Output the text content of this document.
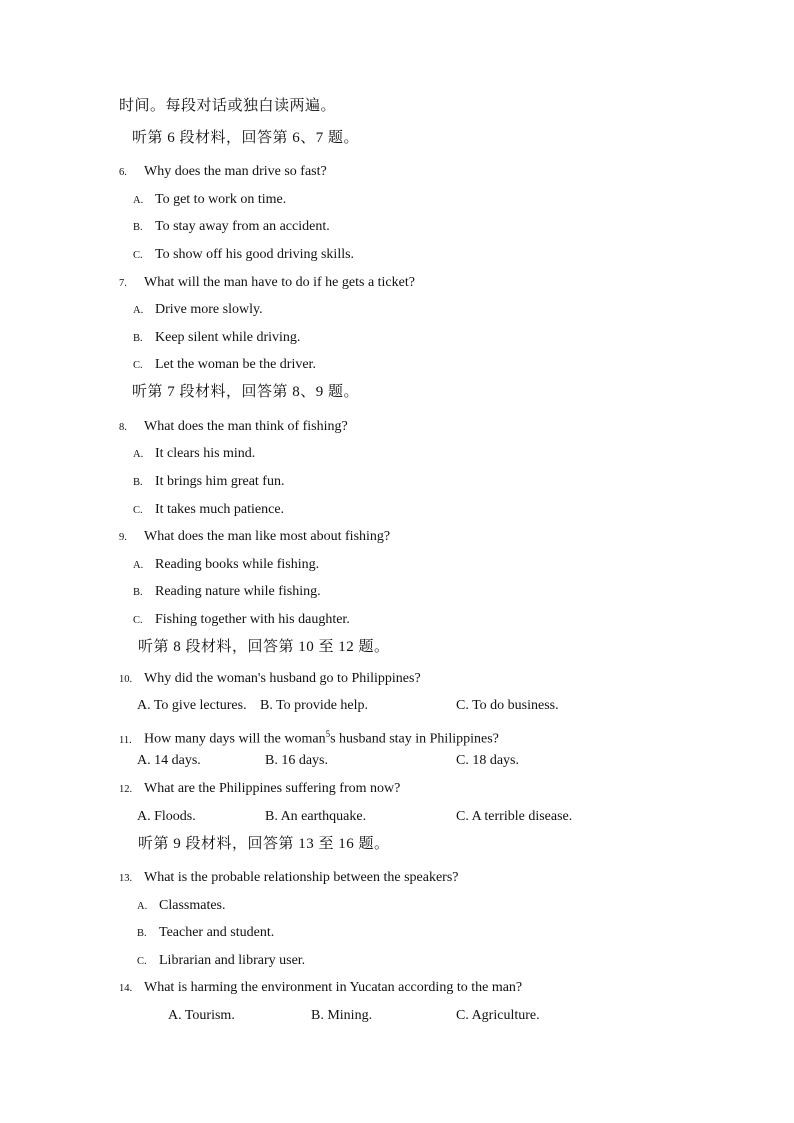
时间。每段对话或独白读两遍。
听第 6 段材料，回答第 6、7 题。
6. Why does the man drive so fast?
A. To get to work on time.
B. To stay away from an accident.
C. To show off his good driving skills.
7. What will the man have to do if he gets a ticket?
A. Drive more slowly.
B. Keep silent while driving.
C. Let the woman be the driver.
听第 7 段材料，回答第 8、9 题。
8. What does the man think of fishing?
A. It clears his mind.
B. It brings him great fun.
C. It takes much patience.
9. What does the man like most about fishing?
A. Reading books while fishing.
B. Reading nature while fishing.
C. Fishing together with his daughter.
听第 8 段材料，回答第 10 至 12 题。
10. Why did the woman's husband go to Philippines?
A. To give lectures. B. To provide help.	C. To do business.
11. How many days will the woman$^5$s husband stay in Philippines?
A. 14 days.	B. 16 days.	C. 18 days.
12. What are the Philippines suffering from now?
A. Floods.	B. An earthquake.	C. A terrible disease.
听第 9 段材料，回答第 13 至 16 题。
13. What is the probable relationship between the speakers?
A. Classmates.
B. Teacher and student.
C. Librarian and library user.
14. What is harming the environment in Yucatan according to the man?
A. Tourism.	B. Mining.	C. Agriculture.
